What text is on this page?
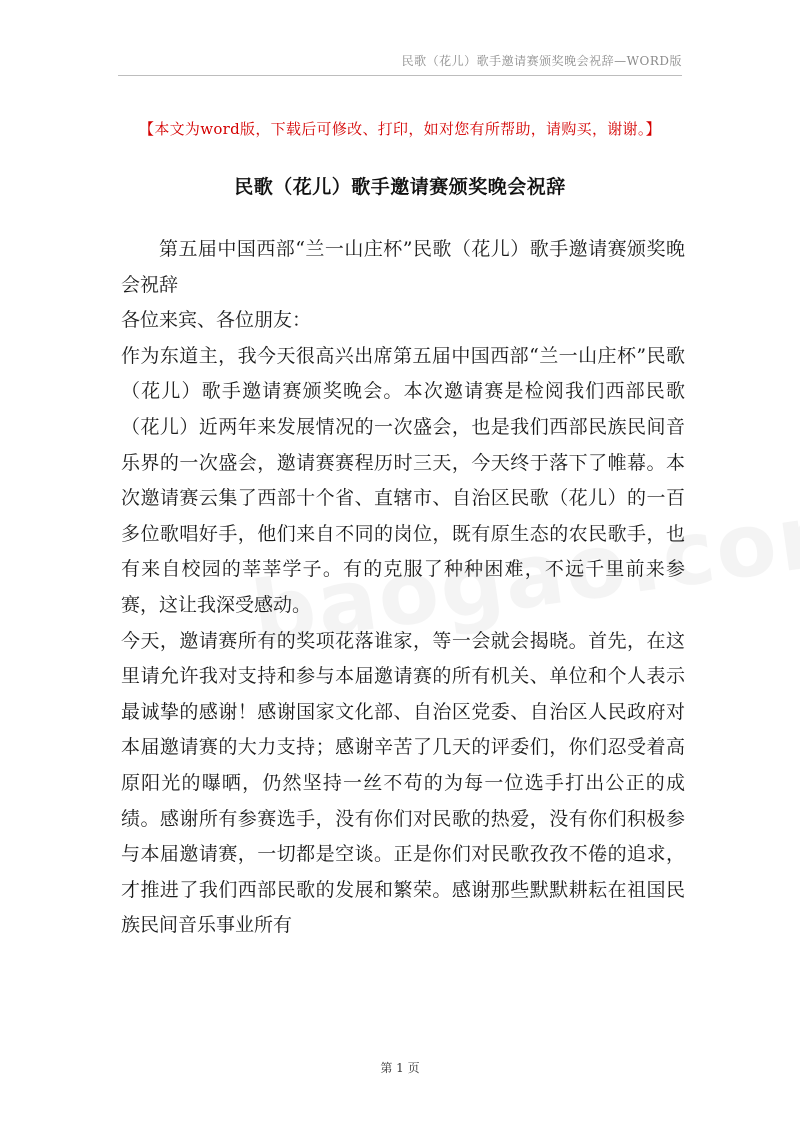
民歌（花儿）歌手邀请赛颁奖晚会祝辞—WORD版
【本文为word版，下载后可修改、打印，如对您有所帮助，请购买，谢谢。】
民歌（花儿）歌手邀请赛颁奖晚会祝辞

第五届中国西部“兰一山庄杯”民歌（花儿）歌手邀请赛颁奖晚会祝辞

各位来宾、各位朋友：

作为东道主，我今天很高兴出席第五届中国西部“兰一山庄杯”民歌（花儿）歌手邀请赛颁奖晚会。本次邀请赛是检阅我们西部民歌（花儿）近两年来发展情况的一次盛会，也是我们西部民族民间音乐界的一次盛会，邀请赛赛程历时三天，今天终于落下了帷幕。本次邀请赛云集了西部十个省、直辖市、自治区民歌（花儿）的一百多位歌唱好手，他们来自不同的岗位，既有原生态的农民歌手，也有来自校园的莘莘学子。有的克服了种种困难，不远千里前来参赛，这让我深受感动。

今天，邀请赛所有的奖项花落谁家，等一会就会揭晓。首先，在这里请允许我对支持和参与本届邀请赛的所有机关、单位和个人表示最诚挚的感谢！感谢国家文化部、自治区党委、自治区人民政府对本届邀请赛的大力支持；感谢辛苦了几天的评委们，你们忍受着高原阳光的曝晒，仍然坚持一丝不苟的为每一位选手打出公正的成绩。感谢所有参赛选手，没有你们对民歌的热爱，没有你们积极参与本届邀请赛，一切都是空谈。正是你们对民歌孜孜不倦的追求，才推进了我们西部民歌的发展和繁荣。感谢那些默默耕耘在祖国民族民间音乐事业所有

第 1 页
